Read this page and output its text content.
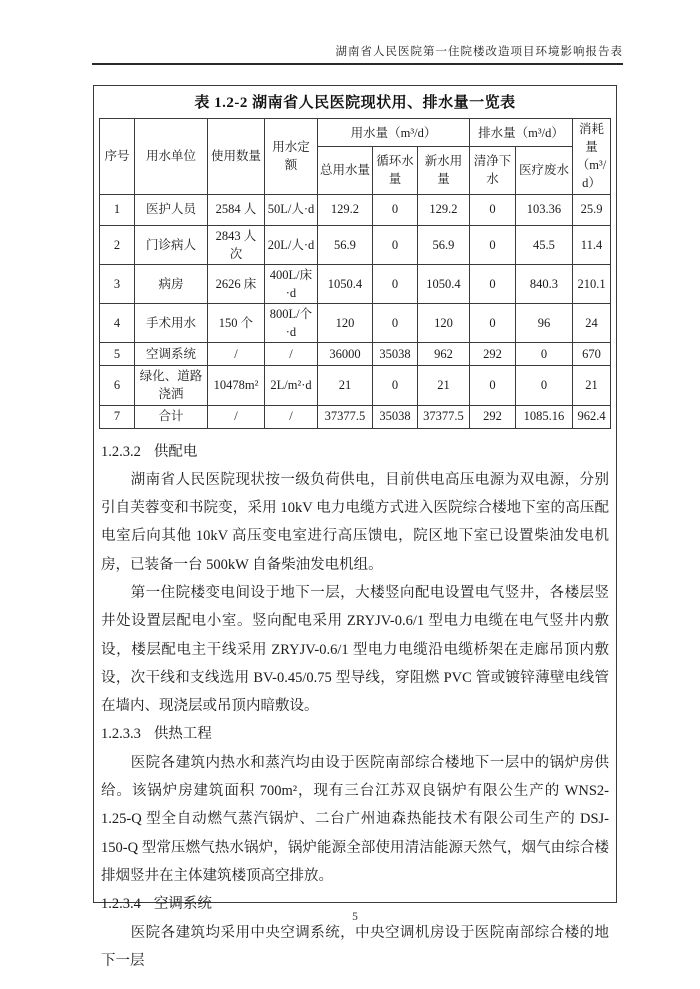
湖南省人民医院第一住院楼改造项目环境影响报告表
表 1.2-2 湖南省人民医院现状用、排水量一览表
序号	用水单位	使用数量	用水定额	用水量（m³/d）			排水量（m³/d）		消耗量（m³/d）
				总用水量	循环水量	新水用量	清净下水	医疗废水	
1	医护人员	2584 人	50L/人·d	129.2	0	129.2	0	103.36	25.9
2	门诊病人	2843 人次	20L/人·d	56.9	0	56.9	0	45.5	11.4
3	病房	2626 床	400L/床·d	1050.4	0	1050.4	0	840.3	210.1
4	手术用水	150 个	800L/个·d	120	0	120	0	96	24
5	空调系统	/	/	36000	35038	962	292	0	670
6	绿化、道路浇洒	10478m²	2L/m²·d	21	0	21	0	0	21
7	合计	/	/	37377.5	35038	37377.5	292	1085.16	962.4
1.2.3.2 供配电

湖南省人民医院现状按一级负荷供电，目前供电高压电源为双电源，分别引自芙蓉变和书院变，采用 10kV 电力电缆方式进入医院综合楼地下室的高压配电室后向其他 10kV 高压变电室进行高压馈电，院区地下室已设置柴油发电机房，已装备一台 500kW 自备柴油发电机组。

第一住院楼变电间设于地下一层，大楼竖向配电设置电气竖井，各楼层竖井处设置层配电小室。竖向配电采用 ZRYJV-0.6/1 型电力电缆在电气竖井内敷设，楼层配电主干线采用 ZRYJV-0.6/1 型电力电缆沿电缆桥架在走廊吊顶内敷设，次干线和支线选用 BV-0.45/0.75 型导线，穿阻燃 PVC 管或镀锌薄壁电线管在墙内、现浇层或吊顶内暗敷设。

1.2.3.3 供热工程

医院各建筑内热水和蒸汽均由设于医院南部综合楼地下一层中的锅炉房供给。该锅炉房建筑面积 700m²，现有三台江苏双良锅炉有限公生产的 WNS2-1.25-Q 型全自动燃气蒸汽锅炉、二台广州迪森热能技术有限公司生产的 DSJ-150-Q 型常压燃气热水锅炉，锅炉能源全部使用清洁能源天然气，烟气由综合楼排烟竖井在主体建筑楼顶高空排放。

1.2.3.4 空调系统

医院各建筑均采用中央空调系统，中央空调机房设于医院南部综合楼的地下一层

5
